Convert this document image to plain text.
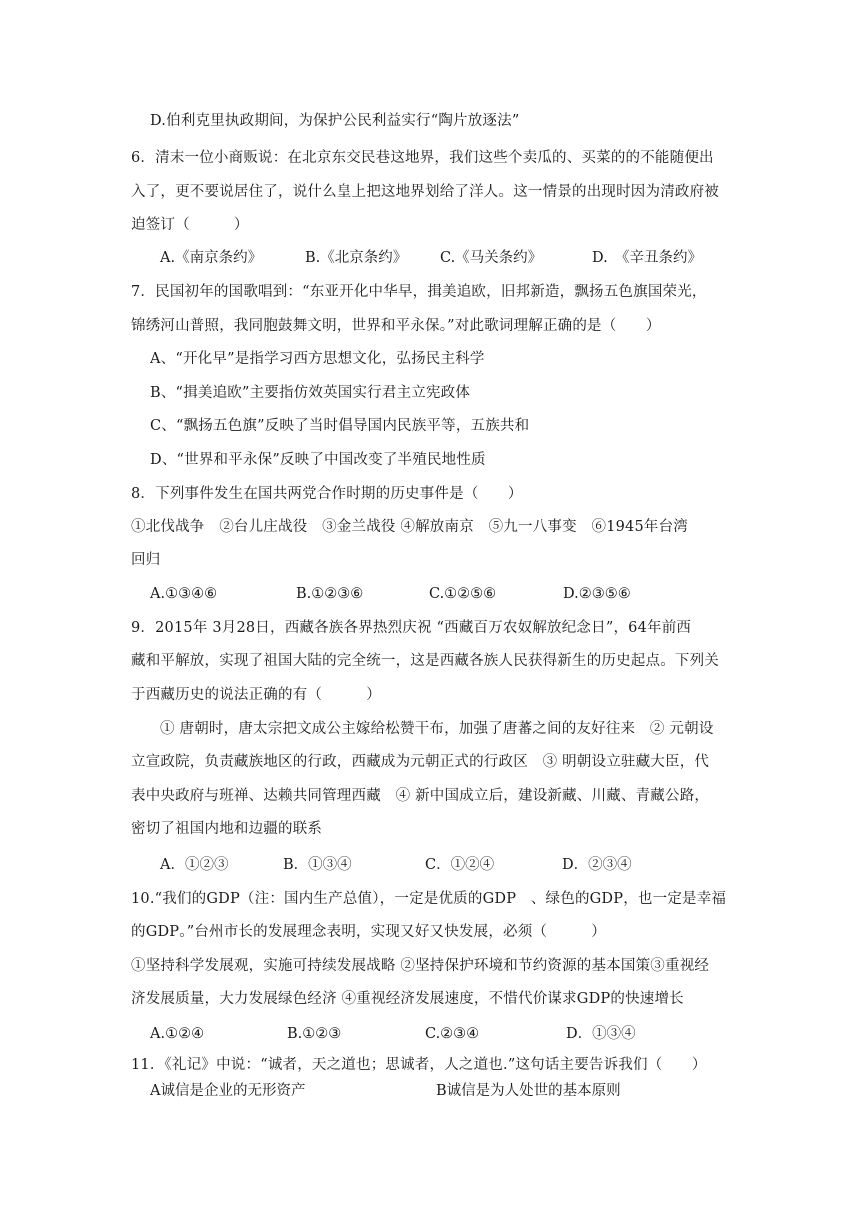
D.伯利克里执政期间，为保护公民利益实行“陶片放逐法”
6．清末一位小商贩说：在北京东交民巷这地界，我们这些个卖瓜的、买菜的的不能随便出
入了，更不要说居住了，说什么皇上把这地界划给了洋人。这一情景的出现时因为清政府被
迫签订（　　　）
A.《南京条约》	B.《北京条约》 C.《马关条约》	D.　《辛丑条约》
7．民国初年的国歌唱到：“东亚开化中华早，揖美追欧，旧邦新造，飘扬五色旗国荣光，
锦绣河山普照，我同胞鼓舞文明，世界和平永保。”对此歌词理解正确的是（　　）
A、“开化早”是指学习西方思想文化，弘扬民主科学
B、“揖美追欧”主要指仿效英国实行君主立宪政体
C、“飘扬五色旗”反映了当时倡导国内民族平等，五族共和
D、“世界和平永保”反映了中国改变了半殖民地性质
8．下列事件发生在国共两党合作时期的历史事件是（　　）
①北伐战争　②台儿庄战役　③金兰战役 ④解放南京　⑤九一八事变　⑥1945年台湾
回归
A.①③④⑥	B.①②③⑥	C.①②⑤⑥	D.②③⑤⑥
9．2015年 3月28日，西藏各族各界热烈庆祝 “西藏百万农奴解放纪念日”，64年前西
藏和平解放，实现了祖国大陆的完全统一，这是西藏各族人民获得新生的历史起点。下列关
于西藏历史的说法正确的有（　　　）
① 唐朝时，唐太宗把文成公主嫁给松赞干布，加强了唐蕃之间的友好往来　② 元朝设
立宣政院，负责藏族地区的行政，西藏成为元朝正式的行政区　③ 明朝设立驻藏大臣，代
表中央政府与班禅、达赖共同管理西藏　④ 新中国成立后，建设新藏、川藏、青藏公路，
密切了祖国内地和边疆的联系
A．①②③	B．①③④	C．①②④	D．②③④
10.“我们的GDP（注：国内生产总值），一定是优质的GDP　、绿色的GDP，也一定是幸福
的GDP。”台州市长的发展理念表明，实现又好又快发展，必须（　　　）
①坚持科学发展观，实施可持续发展战略 ②坚持保护环境和节约资源的基本国策③重视经
济发展质量，大力发展绿色经济 ④重视经济发展速度，不惜代价谋求GDP的快速增长
A.①②④	B.①②③	C.②③④	D．①③④
11．《礼记》中说：“诚者，天之道也；思诚者，人之道也.”这句话主要告诉我们（　　）
A诚信是企业的无形资产	B诚信是为人处世的基本原则
